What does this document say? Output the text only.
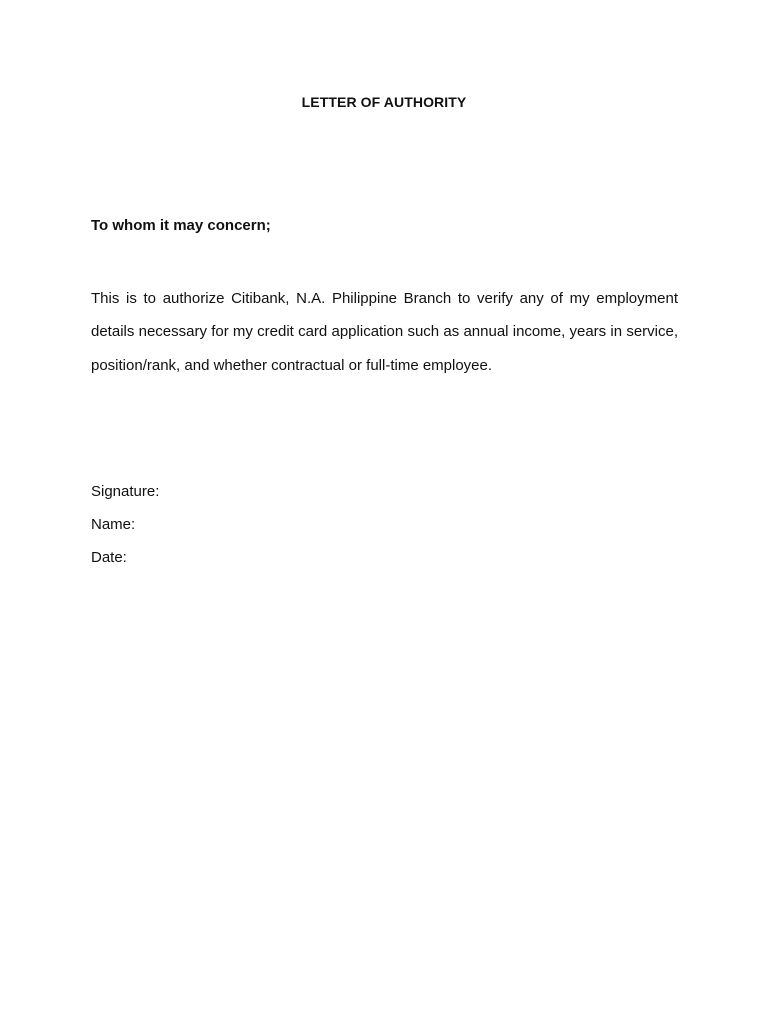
LETTER OF AUTHORITY
To whom it may concern;

This is to authorize Citibank, N.A. Philippine Branch to verify any of my employment details necessary for my credit card application such as annual income, years in service, position/rank, and whether contractual or full-time employee.

Signature:
Name:
Date:
